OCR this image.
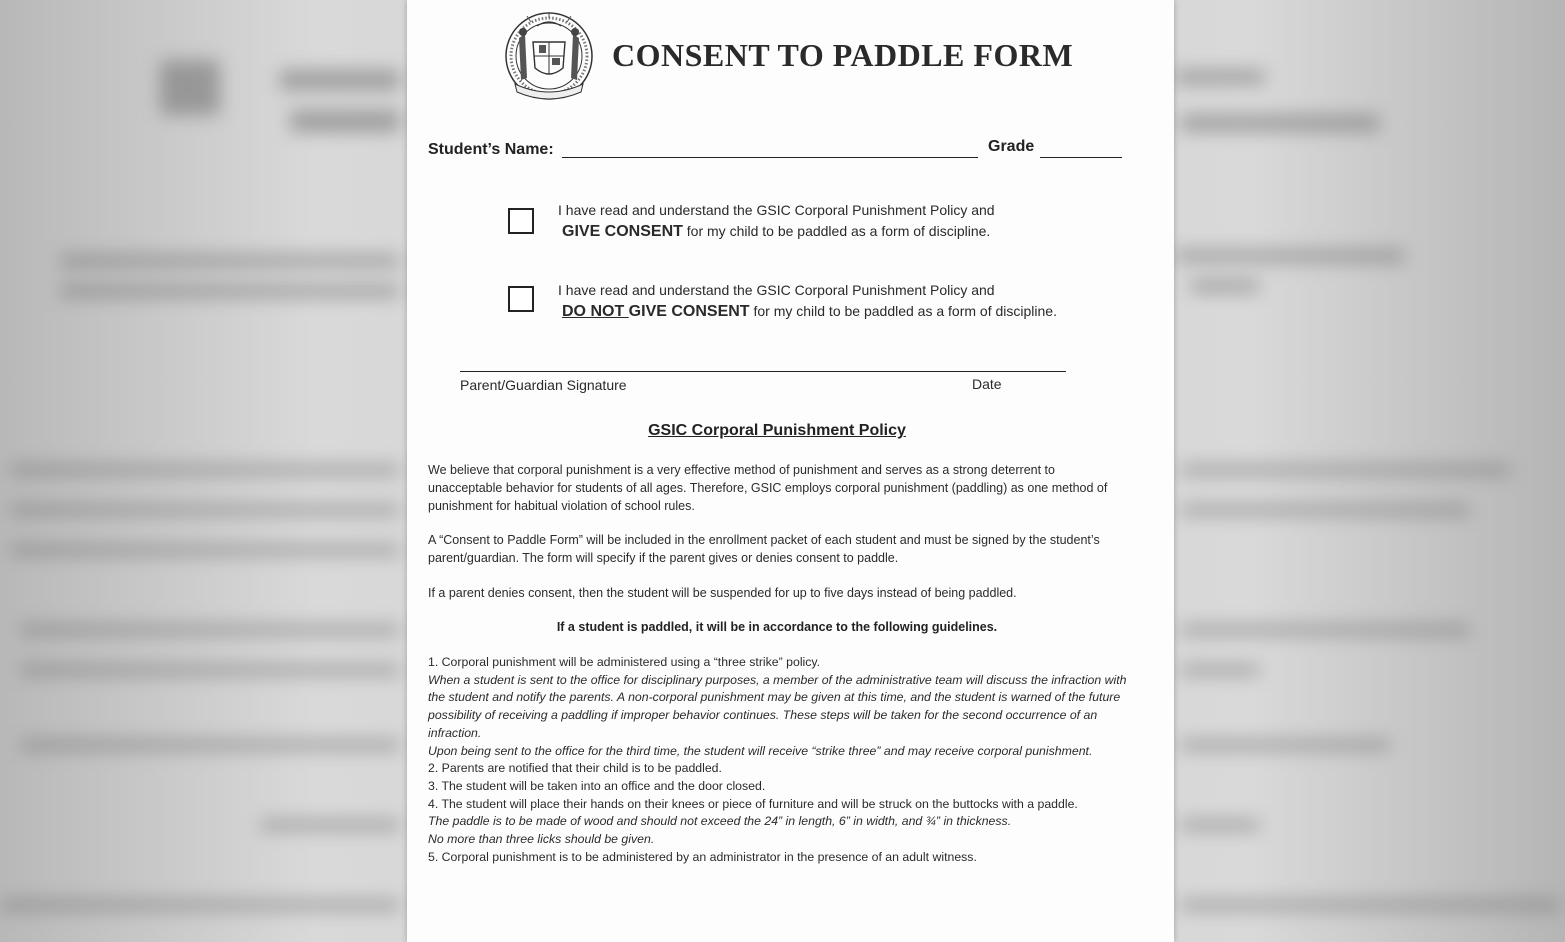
CONSENT TO PADDLE FORM
Student’s Name:	Grade
I have read and understand the GSIC Corporal Punishment Policy and
GIVE CONSENT for my child to be paddled as a form of discipline.
I have read and understand the GSIC Corporal Punishment Policy and
DO NOT GIVE CONSENT for my child to be paddled as a form of discipline.
Parent/Guardian Signature	Date
GSIC Corporal Punishment Policy
We believe that corporal punishment is a very effective method of punishment and serves as a strong deterrent to unacceptable behavior for students of all ages. Therefore, GSIC employs corporal punishment (paddling) as one method of punishment for habitual violation of school rules.
A “Consent to Paddle Form” will be included in the enrollment packet of each student and must be signed by the student’s parent/guardian. The form will specify if the parent gives or denies consent to paddle.
If a parent denies consent, then the student will be suspended for up to five days instead of being paddled.
If a student is paddled, it will be in accordance to the following guidelines.
1. Corporal punishment will be administered using a “three strike” policy.
When a student is sent to the office for disciplinary purposes, a member of the administrative team will discuss the infraction with the student and notify the parents. A non-corporal punishment may be given at this time, and the student is warned of the future possibility of receiving a paddling if improper behavior continues. These steps will be taken for the second occurrence of an infraction.
Upon being sent to the office for the third time, the student will receive “strike three” and may receive corporal punishment.
2. Parents are notified that their child is to be paddled.
3. The student will be taken into an office and the door closed.
4. The student will place their hands on their knees or piece of furniture and will be struck on the buttocks with a paddle.
The paddle is to be made of wood and should not exceed the 24” in length, 6” in width, and ¾” in thickness.
No more than three licks should be given.
5. Corporal punishment is to be administered by an administrator in the presence of an adult witness.
